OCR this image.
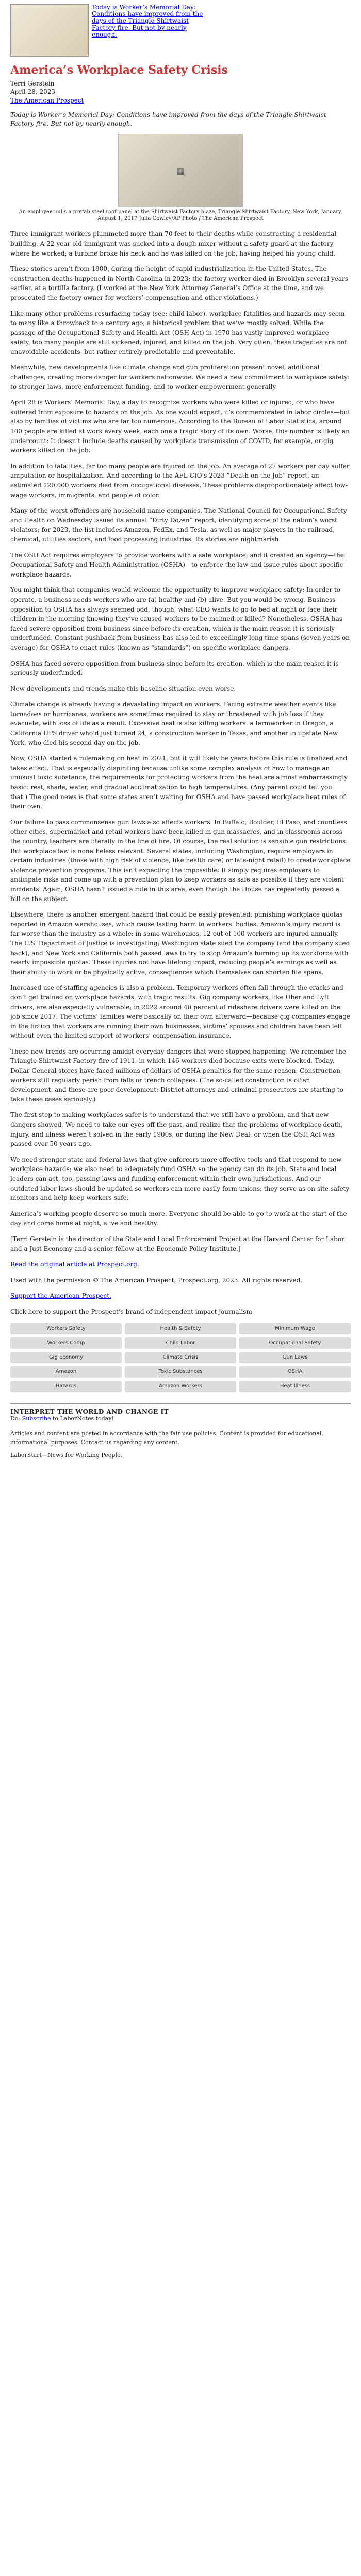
Today is Worker’s Memorial Day: Conditions have improved from the days of the Triangle Shirtwaist Factory fire. But not by nearly enough.
America’s Workplace Safety Crisis
Terri Gerstein
April 28, 2023
The American Prospect
Today is Worker’s Memorial Day: Conditions have improved from the days of the Triangle Shirtwaist Factory fire. But not by nearly enough.
▦
An employee pulls a prefab steel roof panel at the Shirtwaist Factory blaze, Triangle Shirtwaist Factory, New York, January, August 1, 2017 Julia Cowley/AP Photo / The American Prospect

Three immigrant workers plummeted more than 70 feet to their deaths while constructing a residential building. A 22-year-old immigrant was sucked into a dough mixer without a safety guard at the factory where he worked; a turbine broke his neck and he was killed on the job, having helped his young child.

These stories aren’t from 1900, during the height of rapid industrialization in the United States. The construction deaths happened in North Carolina in 2023; the factory worker died in Brooklyn several years earlier, at a tortilla factory. (I worked at the New York Attorney General’s Office at the time, and we prosecuted the factory owner for workers’ compensation and other violations.)

Like many other problems resurfacing today (see: child labor), workplace fatalities and hazards may seem to many like a throwback to a century ago, a historical problem that we’ve mostly solved. While the passage of the Occupational Safety and Health Act (OSH Act) in 1970 has vastly improved workplace safety, too many people are still sickened, injured, and killed on the job. Very often, these tragedies are not unavoidable accidents, but rather entirely predictable and preventable.

Meanwhile, new developments like climate change and gun proliferation present novel, additional challenges, creating more danger for workers nationwide. We need a new commitment to workplace safety: to stronger laws, more enforcement funding, and to worker empowerment generally.

April 28 is Workers’ Memorial Day, a day to recognize workers who were killed or injured, or who have suffered from exposure to hazards on the job. As one would expect, it’s commemorated in labor circles—but also by families of victims who are far too numerous. According to the Bureau of Labor Statistics, around 100 people are killed at work every week, each one a tragic story of its own. Worse, this number is likely an undercount: It doesn’t include deaths caused by workplace transmission of COVID, for example, or gig workers killed on the job.

In addition to fatalities, far too many people are injured on the job. An average of 27 workers per day suffer amputation or hospitalization. And according to the AFL-CIO’s 2023 “Death on the Job” report, an estimated 120,000 workers died from occupational diseases. These problems disproportionately affect low-wage workers, immigrants, and people of color.

Many of the worst offenders are household-name companies. The National Council for Occupational Safety and Health on Wednesday issued its annual “Dirty Dozen” report, identifying some of the nation’s worst violators; for 2023, the list includes Amazon, FedEx, and Tesla, as well as major players in the railroad, chemical, utilities sectors, and food processing industries. Its stories are nightmarish.

The OSH Act requires employers to provide workers with a safe workplace, and it created an agency—the Occupational Safety and Health Administration (OSHA)—to enforce the law and issue rules about specific workplace hazards.

You might think that companies would welcome the opportunity to improve workplace safety: In order to operate, a business needs workers who are (a) healthy and (b) alive. But you would be wrong. Business opposition to OSHA has always seemed odd, though; what CEO wants to go to bed at night or face their children in the morning knowing they’ve caused workers to be maimed or killed? Nonetheless, OSHA has faced severe opposition from business since before its creation, which is the main reason it is seriously underfunded. Constant pushback from business has also led to exceedingly long time spans (seven years on average) for OSHA to enact rules (known as “standards”) on specific workplace dangers.

OSHA has faced severe opposition from business since before its creation, which is the main reason it is seriously underfunded.

New developments and trends make this baseline situation even worse.

Climate change is already having a devastating impact on workers. Facing extreme weather events like tornadoes or hurricanes, workers are sometimes required to stay or threatened with job loss if they evacuate, with loss of life as a result. Excessive heat is also killing workers: a farmworker in Oregon, a California UPS driver who’d just turned 24, a construction worker in Texas, and another in upstate New York, who died his second day on the job.

Now, OSHA started a rulemaking on heat in 2021, but it will likely be years before this rule is finalized and takes effect. That is especially dispiriting because unlike some complex analysis of how to manage an unusual toxic substance, the requirements for protecting workers from the heat are almost embarrassingly basic: rest, shade, water, and gradual acclimatization to high temperatures. (Any parent could tell you that.) The good news is that some states aren’t waiting for OSHA and have passed workplace heat rules of their own.

Our failure to pass commonsense gun laws also affects workers. In Buffalo, Boulder, El Paso, and countless other cities, supermarket and retail workers have been killed in gun massacres, and in classrooms across the country, teachers are literally in the line of fire. Of course, the real solution is sensible gun restrictions. But workplace law is nonetheless relevant. Several states, including Washington, require employers in certain industries (those with high risk of violence, like health care) or late-night retail) to create workplace violence prevention programs. This isn’t expecting the impossible: It simply requires employers to anticipate risks and come up with a prevention plan to keep workers as safe as possible if they are violent incidents. Again, OSHA hasn’t issued a rule in this area, even though the House has repeatedly passed a bill on the subject.

Elsewhere, there is another emergent hazard that could be easily prevented: punishing workplace quotas reported in Amazon warehouses, which cause lasting harm to workers’ bodies. Amazon’s injury record is far worse than the industry as a whole: in some warehouses, 12 out of 100 workers are injured annually. The U.S. Department of Justice is investigating; Washington state sued the company (and the company sued back), and New York and California both passed laws to try to stop Amazon’s burning up its workforce with nearly impossible quotas. These injuries not have lifelong impact, reducing people’s earnings as well as their ability to work or be physically active, consequences which themselves can shorten life spans.

Increased use of staffing agencies is also a problem. Temporary workers often fall through the cracks and don’t get trained on workplace hazards, with tragic results. Gig company workers, like Uber and Lyft drivers, are also especially vulnerable; in 2022 around 40 percent of rideshare drivers were killed on the job since 2017. The victims’ families were basically on their own afterward—because gig companies engage in the fiction that workers are running their own businesses, victims’ spouses and children have been left without even the limited support of workers’ compensation insurance.

These new trends are occurring amidst everyday dangers that were stopped happening. We remember the Triangle Shirtwaist Factory fire of 1911, in which 146 workers died because exits were blocked. Today, Dollar General stores have faced millions of dollars of OSHA penalties for the same reason. Construction workers still regularly perish from falls or trench collapses. (The so-called construction is often development, and these are poor development: District attorneys and criminal prosecutors are starting to take these cases seriously.)

The first step to making workplaces safer is to understand that we still have a problem, and that new dangers showed. We need to take our eyes off the past, and realize that the problems of workplace death, injury, and illness weren’t solved in the early 1900s, or during the New Deal, or when the OSH Act was passed over 50 years ago.

We need stronger state and federal laws that give enforcers more effective tools and that respond to new workplace hazards; we also need to adequately fund OSHA so the agency can do its job. State and local leaders can act, too, passing laws and funding enforcement within their own jurisdictions. And our outdated labor laws should be updated so workers can more easily form unions; they serve as on-site safety monitors and help keep workers safe.

America’s working people deserve so much more. Everyone should be able to go to work at the start of the day and come home at night, alive and healthy.

[Terri Gerstein is the director of the State and Local Enforcement Project at the Harvard Center for Labor and a Just Economy and a senior fellow at the Economic Policy Institute.]

Read the original article at Prospect.org.

Used with the permission © The American Prospect, Prospect.org, 2023. All rights reserved.

Support the American Prospect.

Click here to support the Prospect’s brand of independent impact journalism

Workers Safety	Health & Safety	Minimum Wage
Workers Comp	Child Labor	Occupational Safety
Gig Economy	Climate Crisis	Gun Laws
Amazon	Toxic Substances	OSHA
Hazards	Amazon Workers	Heat Illness
INTERPRET THE WORLD AND CHANGE IT
Do: Subscribe to LaborNotes today!

Articles and content are posted in accordance with the fair use policies. Content is provided for educational, informational purposes. Contact us regarding any content.

LaborStart—News for Working People.
